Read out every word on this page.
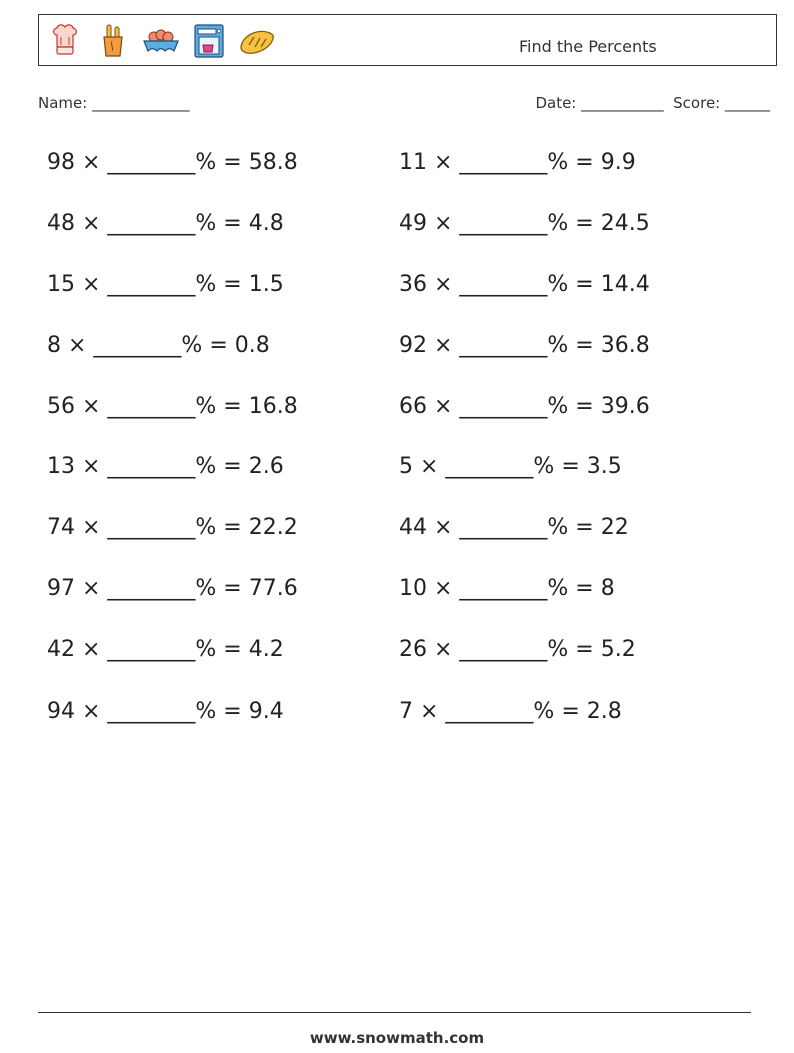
Find the Percents
Name: _____________	Date: ___________  Score: ______
98 × ________% = 58.8	11 × ________% = 9.9
48 × ________% = 4.8	49 × ________% = 24.5
15 × ________% = 1.5	36 × ________% = 14.4
8 × ________% = 0.8	92 × ________% = 36.8
56 × ________% = 16.8	66 × ________% = 39.6
13 × ________% = 2.6	5 × ________% = 3.5
74 × ________% = 22.2	44 × ________% = 22
97 × ________% = 77.6	10 × ________% = 8
42 × ________% = 4.2	26 × ________% = 5.2
94 × ________% = 9.4	7 × ________% = 2.8
www.snowmath.com
